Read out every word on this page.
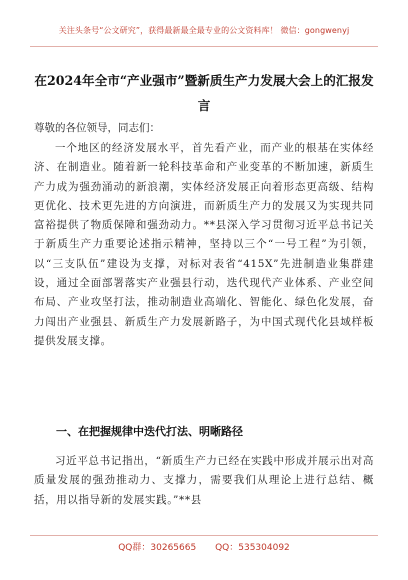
关注头条号“公文研究”，获得最新最全最专业的公文资料库！ 微信：gongwenyj
在2024年全市“产业强市”暨新质生产力发展大会上的汇报发言
尊敬的各位领导，同志们：

一个地区的经济发展水平，首先看产业，而产业的根基在实体经济、在制造业。随着新一轮科技革命和产业变革的不断加速，新质生产力成为强劲涌动的新浪潮，实体经济发展正向着形态更高级、结构更优化、技术更先进的方向演进，而新质生产力的发展又为实现共同富裕提供了物质保障和强劲动力。**县深入学习贯彻习近平总书记关于新质生产力重要论述指示精神，坚持以三个“一号工程”为引领，以“三支队伍”建设为支撑，对标对表省“415X”先进制造业集群建设，通过全面部署落实产业强县行动，迭代现代产业体系、产业空间布局、产业攻坚打法，推动制造业高端化、智能化、绿色化发展，奋力闯出产业强县、新质生产力发展新路子，为中国式现代化县域样板提供发展支撑。

一、在把握规律中迭代打法、明晰路径

习近平总书记指出，“新质生产力已经在实践中形成并展示出对高质量发展的强劲推动力、支撑力，需要我们从理论上进行总结、概括，用以指导新的发展实践。”**县

QQ群：30265665 QQ：535304092
